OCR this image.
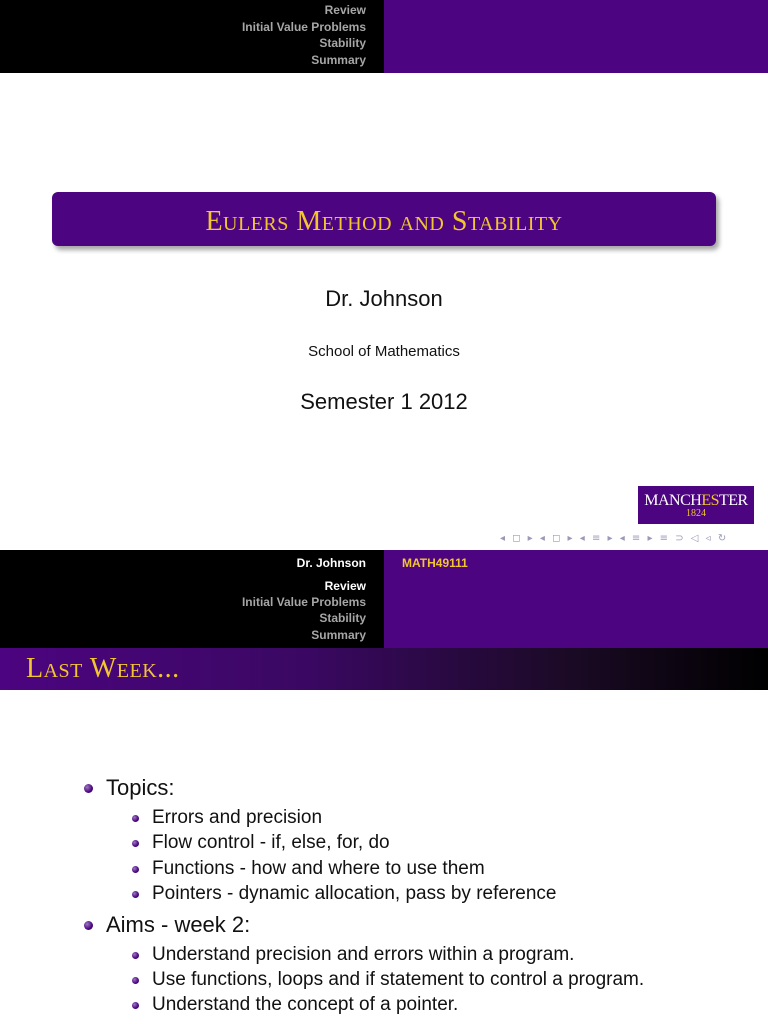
Review
Initial Value Problems
Stability
Summary
Eulers Method and Stability
Dr. Johnson
School of Mathematics
Semester 1 2012
MANCHESTER
1824
◂ ◻ ▸ ◂ ◻ ▸ ◂ ≡ ▸ ◂ ≡ ▸ ≡ ⊃ ◁ ◃ ↻
Dr. Johnson	MATH49111
Review
Initial Value Problems
Stability
Summary
Last Week...
Topics:
Errors and precision
Flow control - if, else, for, do
Functions - how and where to use them
Pointers - dynamic allocation, pass by reference
Aims - week 2:
Understand precision and errors within a program.
Use functions, loops and if statement to control a program.
Understand the concept of a pointer.
